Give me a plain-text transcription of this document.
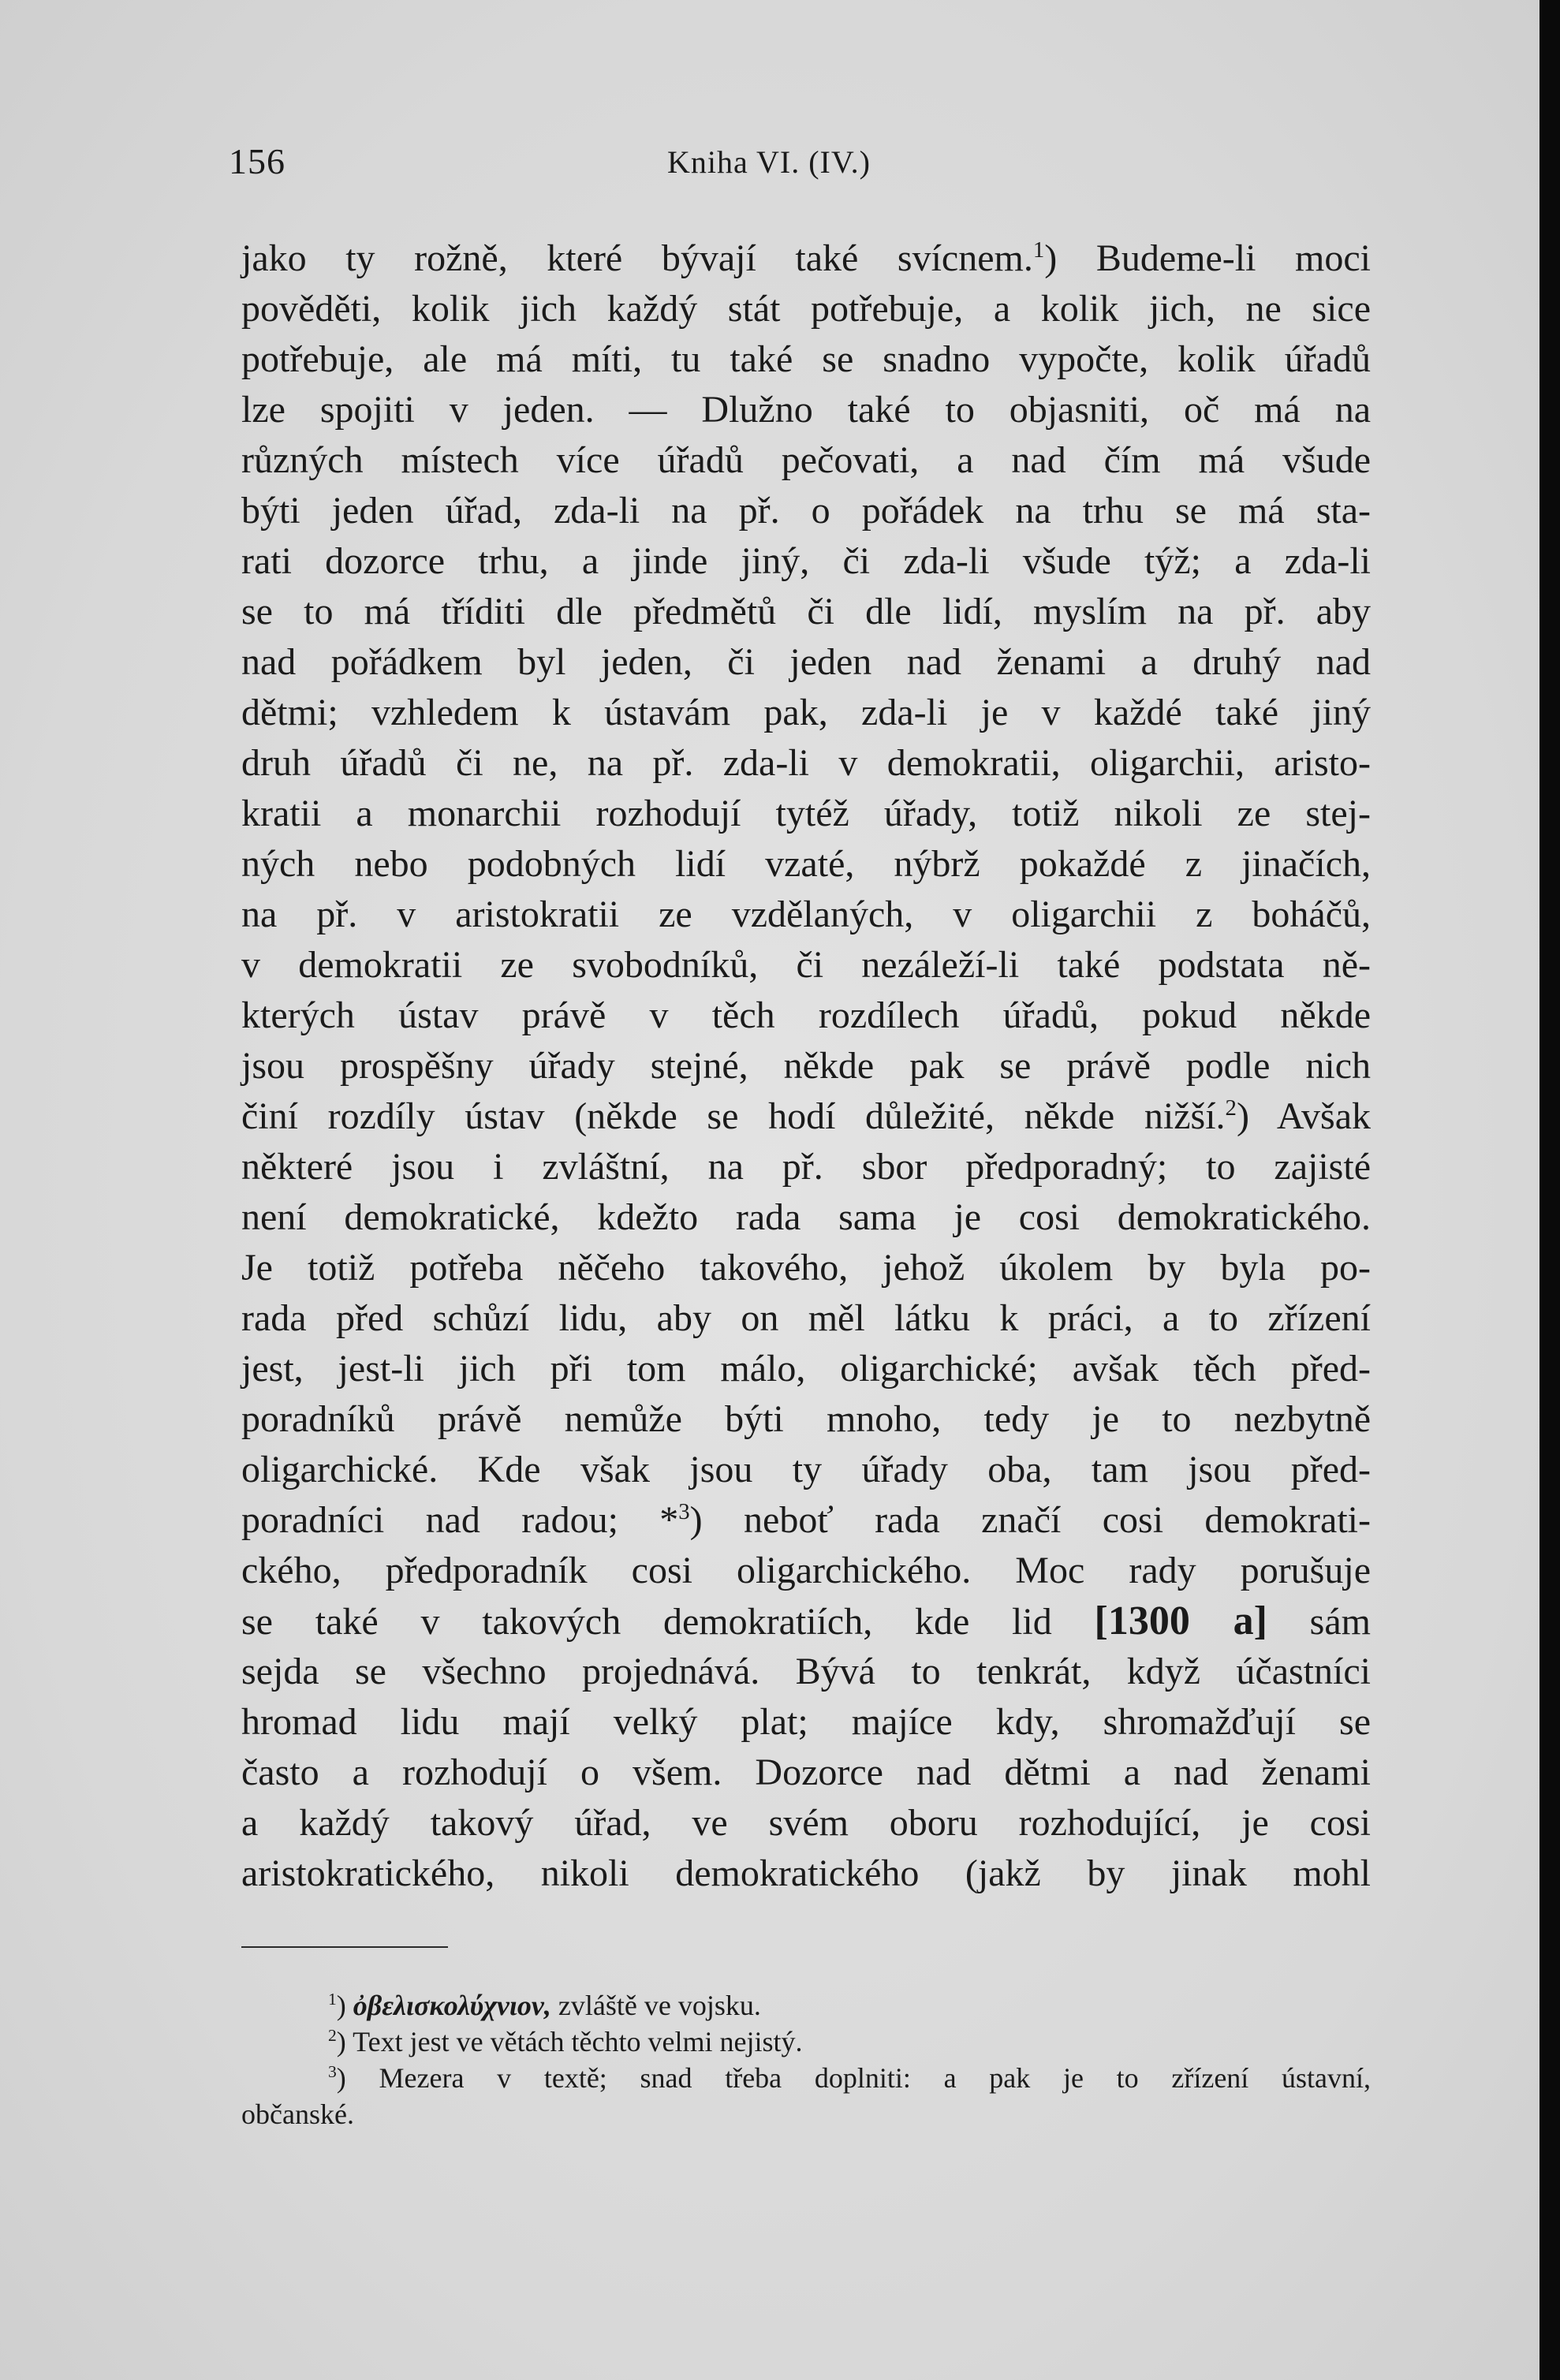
156	Kniha VI. (IV.)
jako ty rožně, které bývají také svícnem.$^1$) Budeme-li moci
pověděti, kolik jich každý stát potřebuje, a kolik jich, ne sice
potřebuje, ale má míti, tu také se snadno vypočte, kolik úřadů
lze spojiti v jeden. — Dlužno také to objasniti, oč má na
různých místech více úřadů pečovati, a nad čím má všude
býti jeden úřad, zda-li na př. o pořádek na trhu se má sta-
rati dozorce trhu, a jinde jiný, či zda-li všude týž; a zda-li
se to má tříditi dle předmětů či dle lidí, myslím na př. aby
nad pořádkem byl jeden, či jeden nad ženami a druhý nad
dětmi; vzhledem k ústavám pak, zda-li je v každé také jiný
druh úřadů či ne, na př. zda-li v demokratii, oligarchii, aristo-
kratii a monarchii rozhodují tytéž úřady, totiž nikoli ze stej-
ných nebo podobných lidí vzaté, nýbrž pokaždé z jinačích,
na př. v aristokratii ze vzdělaných, v oligarchii z boháčů,
v demokratii ze svobodníků, či nezáleží-li také podstata ně-
kterých ústav právě v těch rozdílech úřadů, pokud někde
jsou prospěšny úřady stejné, někde pak se právě podle nich
činí rozdíly ústav (někde se hodí důležité, někde nižší.$^2$) Avšak
některé jsou i zvláštní, na př. sbor předporadný; to zajisté
není demokratické, kdežto rada sama je cosi demokratického.
Je totiž potřeba něčeho takového, jehož úkolem by byla po-
rada před schůzí lidu, aby on měl látku k práci, a to zřízení
jest, jest-li jich při tom málo, oligarchické; avšak těch před-
poradníků právě nemůže býti mnoho, tedy je to nezbytně
oligarchické. Kde však jsou ty úřady oba, tam jsou před-
poradníci nad radou; *$^3$) neboť rada značí cosi demokrati-
ckého, předporadník cosi oligarchického. Moc rady porušuje
se také v takových demokratiích, kde lid [1300 a] sám
sejda se všechno projednává. Bývá to tenkrát, když účastníci
hromad lidu mají velký plat; majíce kdy, shromažďují se
často a rozhodují o všem. Dozorce nad dětmi a nad ženami
a každý takový úřad, ve svém oboru rozhodující, je cosi
aristokratického, nikoli demokratického (jakž by jinak mohl
$^1$) ὀβελισκολύχνιον, zvláště ve vojsku.
$^2$) Text jest ve větách těchto velmi nejistý.
$^3$) Mezera v textě; snad třeba doplniti: a pak je to zřízení ústavní,
občanské.
